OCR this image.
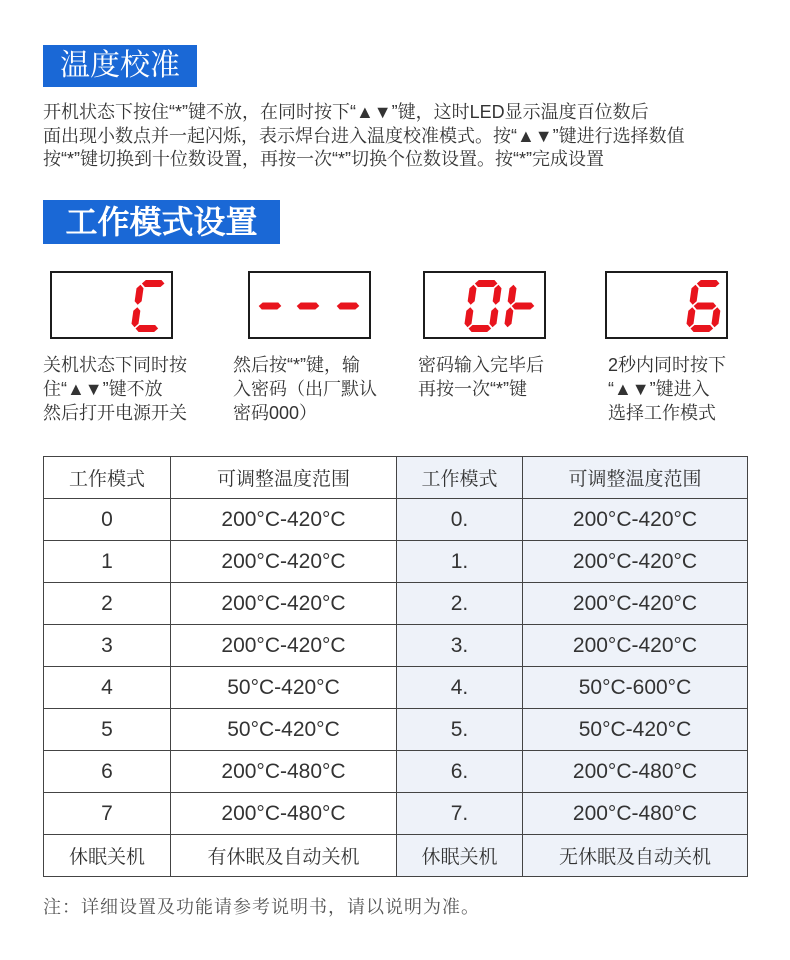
温度校准
开机状态下按住“*”键不放，在同时按下“▲▼”键，这时LED显示温度百位数后
面出现小数点并一起闪烁，表示焊台进入温度校准模式。按“▲▼”键进行选择数值
按“*”键切换到十位数设置，再按一次“*”切换个位数设置。按“*”完成设置
工作模式设置
关机状态下同时按
住“▲▼”键不放
然后打开电源开关
然后按“*”键，输
入密码（出厂默认
密码000）
密码输入完毕后
再按一次“*”键
2秒内同时按下
“▲▼”键进入
选择工作模式
工作模式	可调整温度范围	工作模式	可调整温度范围
0	200°C-420°C	0.	200°C-420°C
1	200°C-420°C	1.	200°C-420°C
2	200°C-420°C	2.	200°C-420°C
3	200°C-420°C	3.	200°C-420°C
4	50°C-420°C	4.	50°C-600°C
5	50°C-420°C	5.	50°C-420°C
6	200°C-480°C	6.	200°C-480°C
7	200°C-480°C	7.	200°C-480°C
休眠关机	有休眠及自动关机	休眠关机	无休眠及自动关机
注：详细设置及功能请参考说明书，请以说明为准。
